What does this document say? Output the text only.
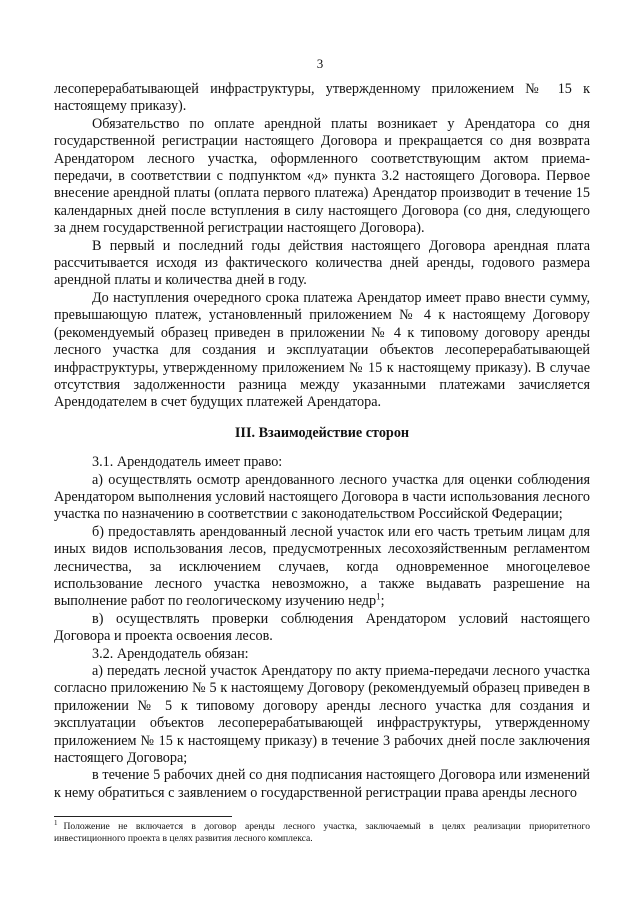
3

лесоперерабатывающей инфраструктуры, утвержденному приложением № 15 к настоящему приказу).

Обязательство по оплате арендной платы возникает у Арендатора со дня государственной регистрации настоящего Договора и прекращается со дня возврата Арендатором лесного участка, оформленного соответствующим актом приема-передачи, в соответствии с подпунктом «д» пункта 3.2 настоящего Договора. Первое внесение арендной платы (оплата первого платежа) Арендатор производит в течение 15 календарных дней после вступления в силу настоящего Договора (со дня, следующего за днем государственной регистрации настоящего Договора).

В первый и последний годы действия настоящего Договора арендная плата рассчитывается исходя из фактического количества дней аренды, годового размера арендной платы и количества дней в году.

До наступления очередного срока платежа Арендатор имеет право внести сумму, превышающую платеж, установленный приложением № 4 к настоящему Договору (рекомендуемый образец приведен в приложении № 4 к типовому договору аренды лесного участка для создания и эксплуатации объектов лесоперерабатывающей инфраструктуры, утвержденному приложением № 15 к настоящему приказу). В случае отсутствия задолженности разница между указанными платежами зачисляется Арендодателем в счет будущих платежей Арендатора.

III. Взаимодействие сторон

3.1. Арендодатель имеет право:

а) осуществлять осмотр арендованного лесного участка для оценки соблюдения Арендатором выполнения условий настоящего Договора в части использования лесного участка по назначению в соответствии с законодательством Российской Федерации;

б) предоставлять арендованный лесной участок или его часть третьим лицам для иных видов использования лесов, предусмотренных лесохозяйственным регламентом лесничества, за исключением случаев, когда одновременное многоцелевое использование лесного участка невозможно, а также выдавать разрешение на выполнение работ по геологическому изучению недр$^1$;

в) осуществлять проверки соблюдения Арендатором условий настоящего Договора и проекта освоения лесов.

3.2. Арендодатель обязан:

а) передать лесной участок Арендатору по акту приема-передачи лесного участка согласно приложению № 5 к настоящему Договору (рекомендуемый образец приведен в приложении № 5 к типовому договору аренды лесного участка для создания и эксплуатации объектов лесоперерабатывающей инфраструктуры, утвержденному приложением № 15 к настоящему приказу) в течение 3 рабочих дней после заключения настоящего Договора;

в течение 5 рабочих дней со дня подписания настоящего Договора или изменений к нему обратиться с заявлением о государственной регистрации права аренды лесного

$^1$ Положение не включается в договор аренды лесного участка, заключаемый в целях реализации приоритетного инвестиционного проекта в целях развития лесного комплекса.
